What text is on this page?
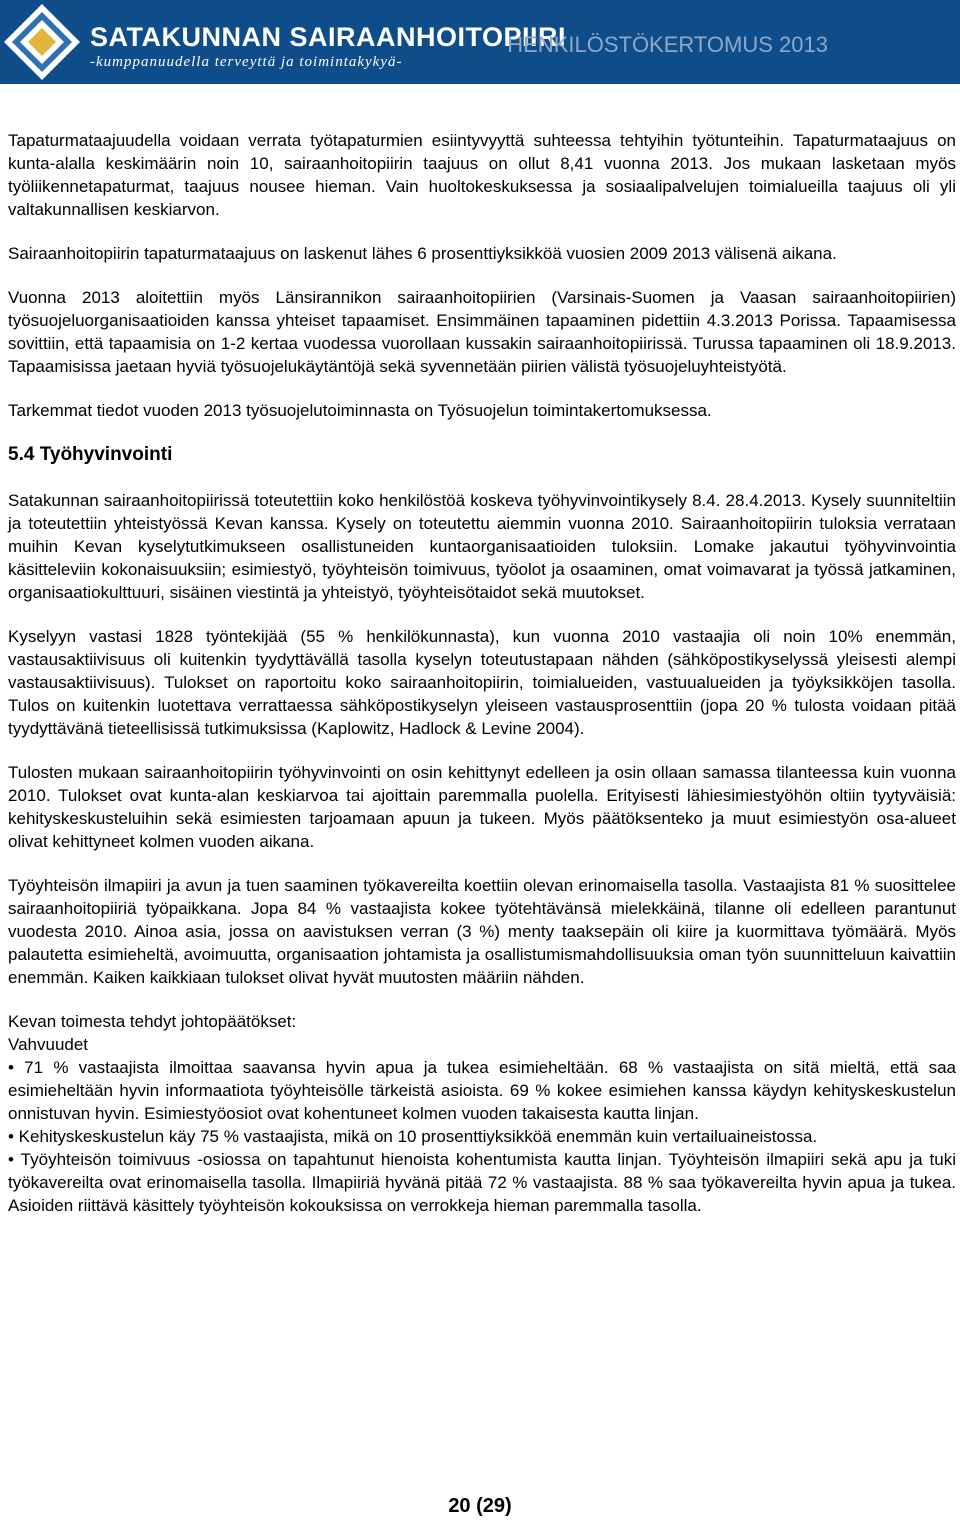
SATAKUNNAN SAIRAANHOITOPIIRI
-kumppanuudella terveyttä ja toimintakykyä-
HENKILÖSTÖKERTOMUS 2013

Tapaturmataajuudella voidaan verrata työtapaturmien esiintyvyyttä suhteessa tehtyihin työtunteihin. Tapaturmataajuus on kunta-alalla keskimäärin noin 10, sairaanhoitopiirin taajuus on ollut 8,41 vuonna 2013. Jos mukaan lasketaan myös työliikennetapaturmat, taajuus nousee hieman. Vain huoltokeskuksessa ja sosiaalipalvelujen toimialueilla taajuus oli yli valtakunnallisen keskiarvon.

Sairaanhoitopiirin tapaturmataajuus on laskenut lähes 6 prosenttiyksikköä vuosien 2009 2013 välisenä aikana.

Vuonna 2013 aloitettiin myös Länsirannikon sairaanhoitopiirien (Varsinais-Suomen ja Vaasan sairaanhoitopiirien) työsuojeluorganisaatioiden kanssa yhteiset tapaamiset. Ensimmäinen tapaaminen pidettiin 4.3.2013 Porissa. Tapaamisessa sovittiin, että tapaamisia on 1-2 kertaa vuodessa vuorollaan kussakin sairaanhoitopiirissä. Turussa tapaaminen oli 18.9.2013. Tapaamisissa jaetaan hyviä työsuojelukäytäntöjä sekä syvennetään piirien välistä työsuojeluyhteistyötä.

Tarkemmat tiedot vuoden 2013 työsuojelutoiminnasta on Työsuojelun toimintakertomuksessa.

5.4 Työhyvinvointi

Satakunnan sairaanhoitopiirissä toteutettiin koko henkilöstöä koskeva työhyvinvointikysely 8.4. 28.4.2013. Kysely suunniteltiin ja toteutettiin yhteistyössä Kevan kanssa. Kysely on toteutettu aiemmin vuonna 2010. Sairaanhoitopiirin tuloksia verrataan muihin Kevan kyselytutkimukseen osallistuneiden kuntaorganisaatioiden tuloksiin. Lomake jakautui työhyvinvointia käsitteleviin kokonaisuuksiin; esimiestyö, työyhteisön toimivuus, työolot ja osaaminen, omat voimavarat ja työssä jatkaminen, organisaatiokulttuuri, sisäinen viestintä ja yhteistyö, työyhteisötaidot sekä muutokset.

Kyselyyn vastasi 1828 työntekijää (55 % henkilökunnasta), kun vuonna 2010 vastaajia oli noin 10% enemmän, vastausaktiivisuus oli kuitenkin tyydyttävällä tasolla kyselyn toteutustapaan nähden (sähköpostikyselyssä yleisesti alempi vastausaktiivisuus). Tulokset on raportoitu koko sairaanhoitopiirin, toimialueiden, vastuualueiden ja työyksikköjen tasolla. Tulos on kuitenkin luotettava verrattaessa sähköpostikyselyn yleiseen vastausprosenttiin (jopa 20 % tulosta voidaan pitää tyydyttävänä tieteellisissä tutkimuksissa (Kaplowitz, Hadlock & Levine 2004).

Tulosten mukaan sairaanhoitopiirin työhyvinvointi on osin kehittynyt edelleen ja osin ollaan samassa tilanteessa kuin vuonna 2010. Tulokset ovat kunta-alan keskiarvoa tai ajoittain paremmalla puolella. Erityisesti lähiesimiestyöhön oltiin tyytyväisiä: kehityskeskusteluihin sekä esimiesten tarjoamaan apuun ja tukeen. Myös päätöksenteko ja muut esimiestyön osa-alueet olivat kehittyneet kolmen vuoden aikana.

Työyhteisön ilmapiiri ja avun ja tuen saaminen työkavereilta koettiin olevan erinomaisella tasolla. Vastaajista 81 % suosittelee sairaanhoitopiiriä työpaikkana. Jopa 84 % vastaajista kokee työtehtävänsä mielekkäinä, tilanne oli edelleen parantunut vuodesta 2010. Ainoa asia, jossa on aavistuksen verran (3 %) menty taaksepäin oli kiire ja kuormittava työmäärä. Myös palautetta esimieheltä, avoimuutta, organisaation johtamista ja osallistumismahdollisuuksia oman työn suunnitteluun kaivattiin enemmän. Kaiken kaikkiaan tulokset olivat hyvät muutosten määriin nähden.

Kevan toimesta tehdyt johtopäätökset:

Vahvuudet

• 71 % vastaajista ilmoittaa saavansa hyvin apua ja tukea esimieheltään. 68 % vastaajista on sitä mieltä, että saa esimieheltään hyvin informaatiota työyhteisölle tärkeistä asioista. 69 % kokee esimiehen kanssa käydyn kehityskeskustelun onnistuvan hyvin. Esimiestyöosiot ovat kohentuneet kolmen vuoden takaisesta kautta linjan.

• Kehityskeskustelun käy 75 % vastaajista, mikä on 10 prosenttiyksikköä enemmän kuin vertailuaineistossa.

• Työyhteisön toimivuus -osiossa on tapahtunut hienoista kohentumista kautta linjan. Työyhteisön ilmapiiri sekä apu ja tuki työkavereilta ovat erinomaisella tasolla. Ilmapiiriä hyvänä pitää 72 % vastaajista. 88 % saa työkavereilta hyvin apua ja tukea. Asioiden riittävä käsittely työyhteisön kokouksissa on verrokkeja hieman paremmalla tasolla.

20 (29)
